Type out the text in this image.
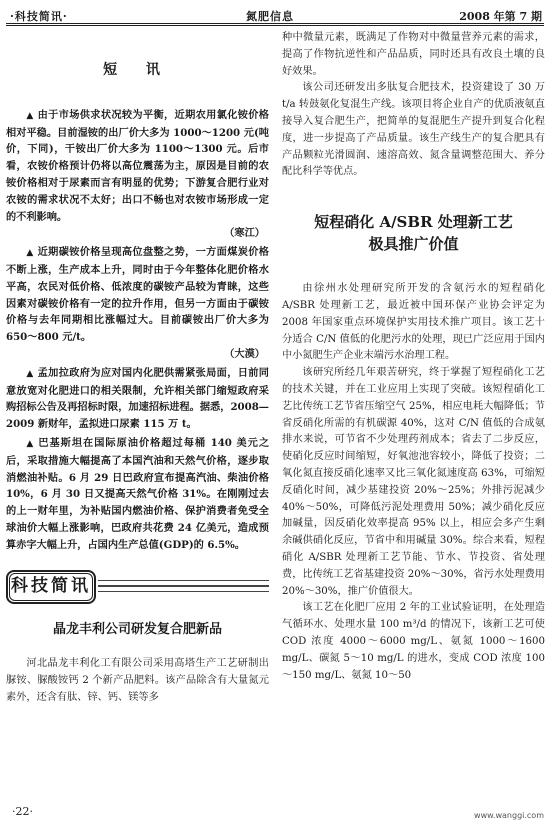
·科技简讯·	氮肥信息	2008 年第 7 期
短 讯

▲ 由于市场供求状况较为平衡，近期农用氯化铵价格相对平稳。目前湿铵的出厂价大多为 1000～1200 元(吨价，下同)，干铵出厂价大多为 1100～1300 元。后市看，农铵价格预计仍将以高位震荡为主，原因是目前的农铵价格相对于尿素而言有明显的优势；下游复合肥行业对农铵的需求状况不太好；出口不畅也对农铵市场形成一定的不利影响。

（寒江）

▲ 近期碳铵价格呈现高位盘整之势，一方面煤炭价格不断上涨，生产成本上升，同时由于今年整体化肥价格水平高，农民对低价格、低浓度的碳铵产品较为青睐，这些因素对碳铵价格有一定的拉升作用，但另一方面由于碳铵价格与去年同期相比涨幅过大。目前碳铵出厂价大多为 650～800 元/t。

（大漠）

▲ 孟加拉政府为应对国内化肥供需紧张局面，日前同意放宽对化肥进口的相关限制，允许相关部门缩短政府采购招标公告及再招标时限，加速招标进程。据悉，2008—2009 新财年，孟拟进口尿素 115 万 t。

▲ 巴基斯坦在国际原油价格超过每桶 140 美元之后，采取措施大幅提高了本国汽油和天然气价格，逐步取消燃油补贴。6 月 29 日巴政府宣布提高汽油、柴油价格 10%，6 月 30 日又提高天然气价格 31%。在刚刚过去的上一财年里，为补贴国内燃油价格、保护消费者免受全球油价大幅上涨影响，巴政府共花费 24 亿美元，造成预算赤字大幅上升，占国内生产总值(GDP)的 6.5%。

科技简讯
晶龙丰利公司研发复合肥新品

河北晶龙丰利化工有限公司采用高塔生产工艺研制出脲铵、脲酸铵钙 2 个新产品肥料。该产品除含有大量氮元素外，还含有肽、锌、钙、镁等多

种中微量元素，既满足了作物对中微量营养元素的需求，提高了作物抗逆性和产品品质，同时还具有改良土壤的良好效果。

该公司还研发出多肽复合肥技术，投资建设了 30 万 t/a 转鼓氨化复混生产线。该项目将企业自产的优质液氨直接导入复合肥生产，把简单的复混肥生产提升到复合化程度，进一步提高了产品质量。该生产线生产的复合肥具有产品颗粒光滑圆润、速溶高效、氮含量调整范围大、养分配比科学等优点。

短程硝化 A/SBR 处理新工艺
极具推广价值

由徐州水处理研究所开发的含氨污水的短程硝化 A/SBR 处理新工艺，最近被中国环保产业协会评定为 2008 年国家重点环境保护实用技术推广项目。该工艺十分适合 C/N 值低的化肥污水的处理，现已广泛应用于国内中小氮肥生产企业末端污水治理工程。

该研究所经几年艰苦研究，终于掌握了短程硝化工艺的技术关键，并在工业应用上实现了突破。该短程硝化工艺比传统工艺节省压缩空气 25%，相应电耗大幅降低；节省反硝化所需的有机碳源 40%，这对 C/N 值低的合成氨排水来说，可节省不少处理药剂成本；省去了二步反应，使硝化反应时间缩短，好氧池池容较小，降低了投资；二氧化氮直接反硝化速率又比三氧化氮速度高 63%，可缩短反硝化时间，减少基建投资 20%～25%；外排污泥减少 40%～50%，可降低污泥处理费用 50%；减少硝化反应加碱量，因反硝化效率提高 95% 以上，相应会多产生剩余碱供硝化反应，节省中和用碱量 30%。综合来看，短程硝化 A/SBR 处理新工艺节能、节水、节投资、省处理费，比传统工艺省基建投资 20%～30%，省污水处理费用 20%～30%，推广价值很大。

该工艺在化肥厂应用 2 年的工业试验证明，在处理造气循环水、处理水量 100 m³/d 的情况下，该新工艺可使 COD 浓度 4000～6000 mg/L、氨氮 1000～1600 mg/L、碳氮 5～10 mg/L 的进水，变成 COD 浓度 100～150 mg/L、氨氮 10～50

·22·	www.wanggi.com
